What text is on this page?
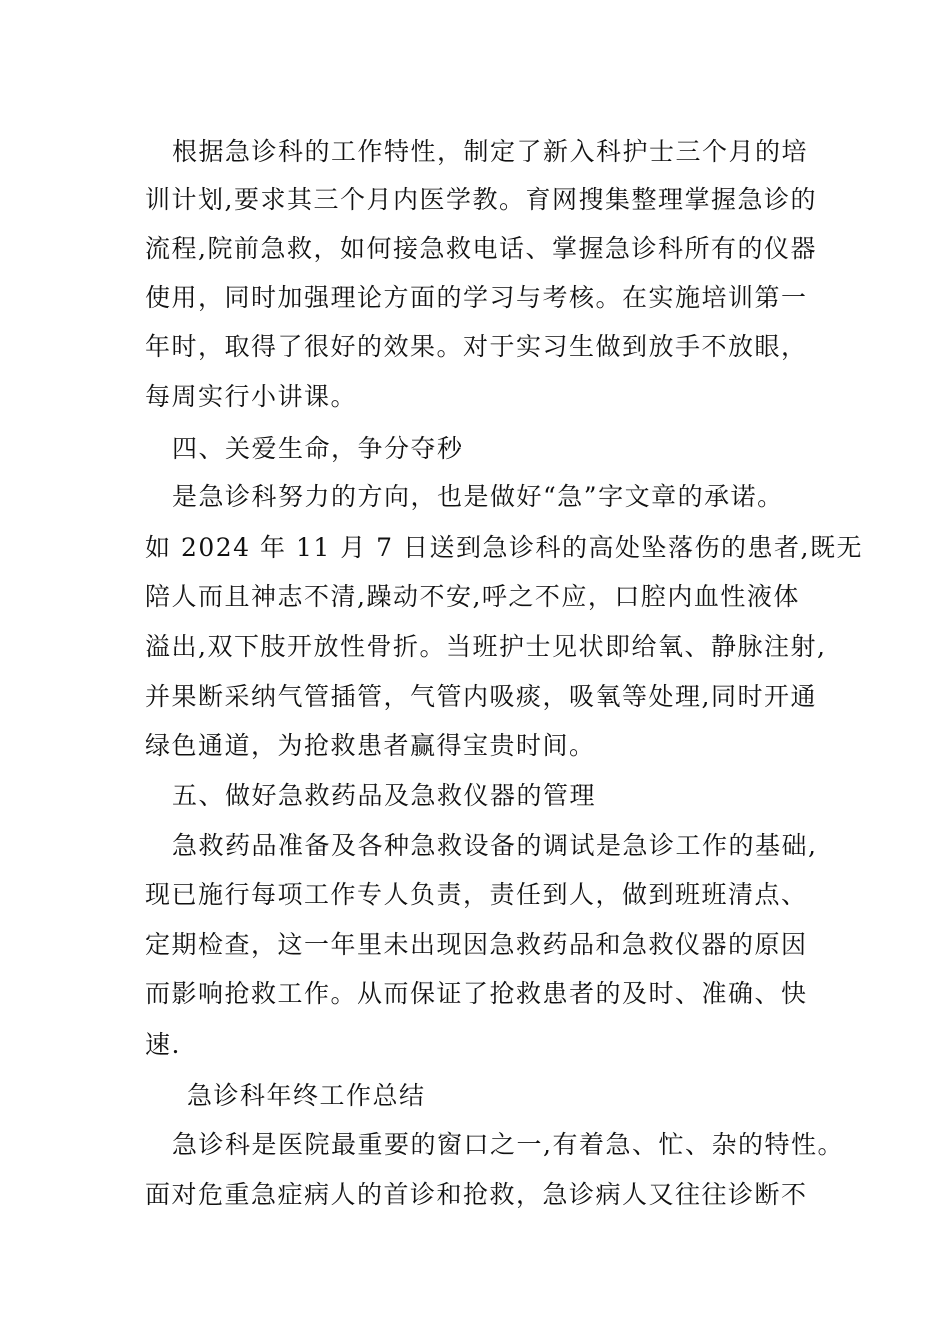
根据急诊科的工作特性，制定了新入科护士三个月的培
训计划,要求其三个月内医学教。育网搜集整理掌握急诊的
流程,院前急救，如何接急救电话、掌握急诊科所有的仪器
使用，同时加强理论方面的学习与考核。在实施培训第一
年时，取得了很好的效果。对于实习生做到放手不放眼，
每周实行小讲课。
四、关爱生命，争分夺秒
是急诊科努力的方向，也是做好“急”字文章的承诺。
如 2024 年 11 月 7 日送到急诊科的高处坠落伤的患者,既无
陪人而且神志不清,躁动不安,呼之不应，口腔内血性液体
溢出,双下肢开放性骨折。当班护士见状即给氧、静脉注射,
并果断采纳气管插管，气管内吸痰，吸氧等处理,同时开通
绿色通道，为抢救患者赢得宝贵时间。
五、做好急救药品及急救仪器的管理
急救药品准备及各种急救设备的调试是急诊工作的基础,
现已施行每项工作专人负责，责任到人，做到班班清点、
定期检查，这一年里未出现因急救药品和急救仪器的原因
而影响抢救工作。从而保证了抢救患者的及时、准确、快
速.
急诊科年终工作总结
急诊科是医院最重要的窗口之一,有着急、忙、杂的特性。
面对危重急症病人的首诊和抢救，急诊病人又往往诊断不
